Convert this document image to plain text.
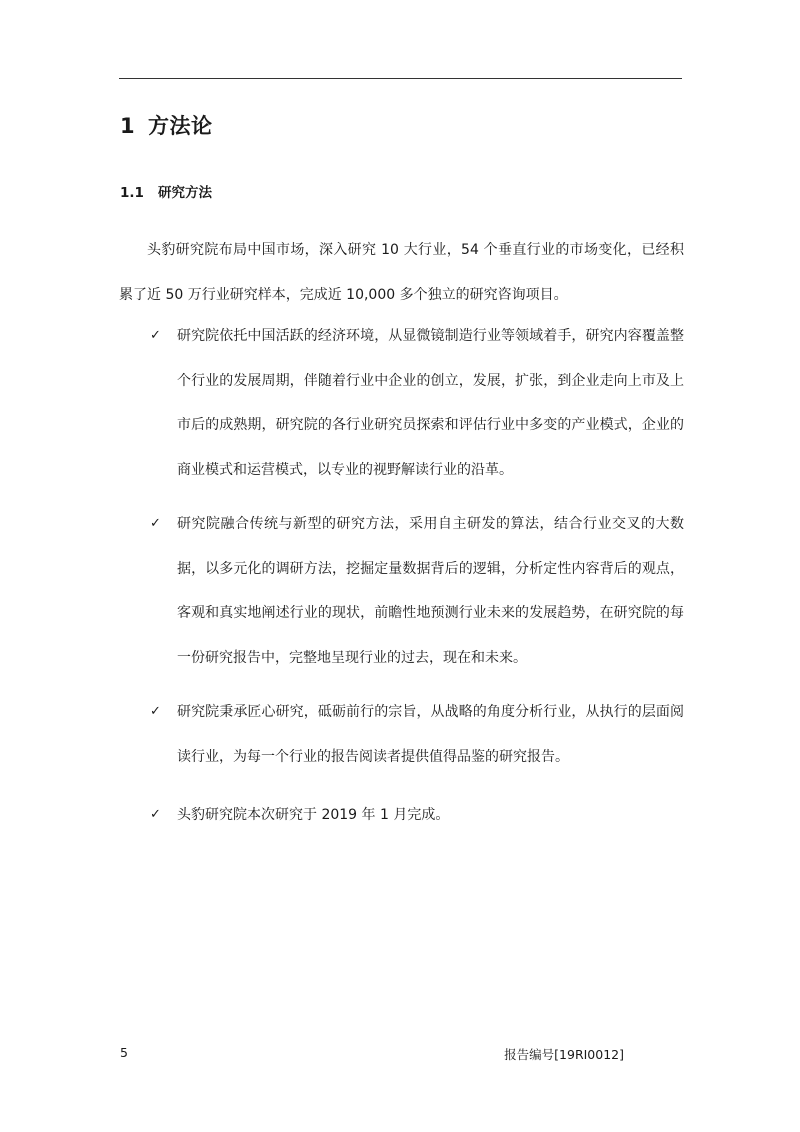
1 方法论
1.1 研究方法
头豹研究院布局中国市场，深入研究 10 大行业，54 个垂直行业的市场变化，已经积累了近 50 万行业研究样本，完成近 10,000 多个独立的研究咨询项目。
✓ 研究院依托中国活跃的经济环境，从显微镜制造行业等领域着手，研究内容覆盖整个行业的发展周期，伴随着行业中企业的创立，发展，扩张，到企业走向上市及上市后的成熟期，研究院的各行业研究员探索和评估行业中多变的产业模式，企业的商业模式和运营模式，以专业的视野解读行业的沿革。
✓ 研究院融合传统与新型的研究方法，采用自主研发的算法，结合行业交叉的大数据，以多元化的调研方法，挖掘定量数据背后的逻辑，分析定性内容背后的观点，客观和真实地阐述行业的现状，前瞻性地预测行业未来的发展趋势，在研究院的每一份研究报告中，完整地呈现行业的过去，现在和未来。
✓ 研究院秉承匠心研究，砥砺前行的宗旨，从战略的角度分析行业，从执行的层面阅读行业，为每一个行业的报告阅读者提供值得品鉴的研究报告。
✓ 头豹研究院本次研究于 2019 年 1 月完成。
5	报告编号[19RI0012]
